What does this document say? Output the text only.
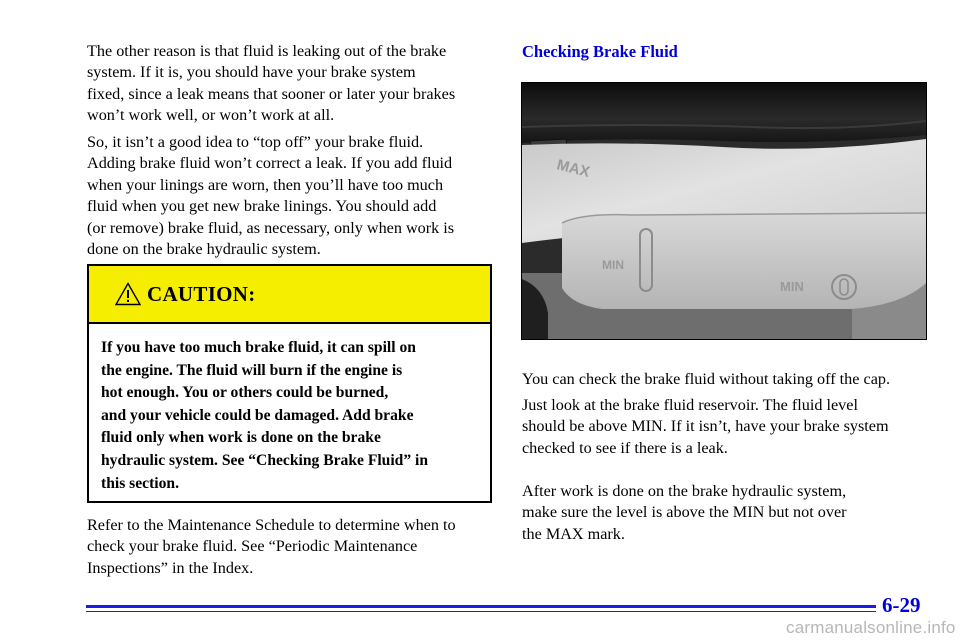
The other reason is that fluid is leaking out of the brake
system. If it is, you should have your brake system
fixed, since a leak means that sooner or later your brakes
won’t work well, or won’t work at all.

So, it isn’t a good idea to “top off” your brake fluid.
Adding brake fluid won’t correct a leak. If you add fluid
when your linings are worn, then you’ll have too much
fluid when you get new brake linings. You should add
(or remove) brake fluid, as necessary, only when work is
done on the brake hydraulic system.

CAUTION:

If you have too much brake fluid, it can spill on
the engine. The fluid will burn if the engine is
hot enough. You or others could be burned,
and your vehicle could be damaged. Add brake
fluid only when work is done on the brake
hydraulic system. See “Checking Brake Fluid” in
this section.

Refer to the Maintenance Schedule to determine when to
check your brake fluid. See “Periodic Maintenance
Inspections” in the Index.

Checking Brake Fluid
MAX
MIN
MIN

You can check the brake fluid without taking off the cap.

Just look at the brake fluid reservoir. The fluid level
should be above MIN. If it isn’t, have your brake system
checked to see if there is a leak.

After work is done on the brake hydraulic system,
make sure the level is above the MIN but not over
the MAX mark.

6-29

carmanualsonline.info
